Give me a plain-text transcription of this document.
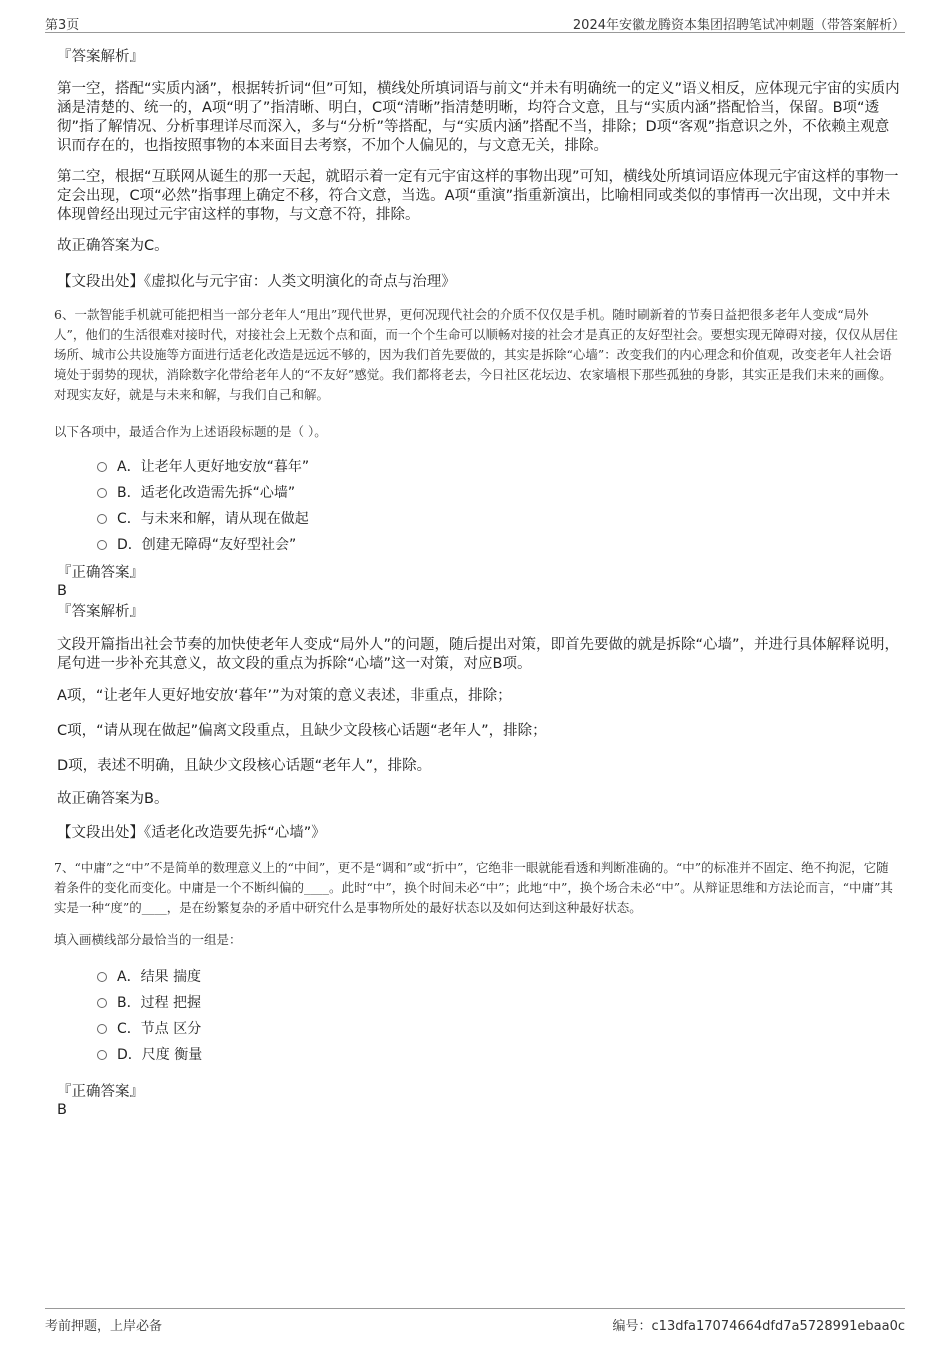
第3页	2024年安徽龙腾资本集团招聘笔试冲刺题（带答案解析）

『答案解析』

第一空，搭配“实质内涵”，根据转折词“但”可知，横线处所填词语与前文“并未有明确统一的定义”语义相反，应体现元宇宙的实质内涵是清楚的、统一的，A项“明了”指清晰、明白，C项“清晰”指清楚明晰，均符合文意，且与“实质内涵”搭配恰当，保留。B项“透彻”指了解情况、分析事理详尽而深入，多与“分析”等搭配，与“实质内涵”搭配不当，排除；D项“客观”指意识之外，不依赖主观意识而存在的，也指按照事物的本来面目去考察，不加个人偏见的，与文意无关，排除。

第二空，根据“互联网从诞生的那一天起，就昭示着一定有元宇宙这样的事物出现”可知，横线处所填词语应体现元宇宙这样的事物一定会出现，C项“必然”指事理上确定不移，符合文意，当选。A项“重演”指重新演出，比喻相同或类似的事情再一次出现，文中并未体现曾经出现过元宇宙这样的事物，与文意不符，排除。

故正确答案为C。

【文段出处】《虚拟化与元宇宙：人类文明演化的奇点与治理》

6、一款智能手机就可能把相当一部分老年人“甩出”现代世界，更何况现代社会的介质不仅仅是手机。随时刷新着的节奏日益把很多老年人变成“局外人”，他们的生活很难对接时代，对接社会上无数个点和面，而一个个生命可以顺畅对接的社会才是真正的友好型社会。要想实现无障碍对接，仅仅从居住场所、城市公共设施等方面进行适老化改造是远远不够的，因为我们首先要做的，其实是拆除“心墙”：改变我们的内心理念和价值观，改变老年人社会语境处于弱势的现状，消除数字化带给老年人的“不友好”感觉。我们都将老去，今日社区花坛边、农家墙根下那些孤独的身影，其实正是我们未来的画像。对现实友好，就是与未来和解，与我们自己和解。

以下各项中，最适合作为上述语段标题的是（ ）。

A．让老年人更好地安放“暮年”
B．适老化改造需先拆“心墙”
C．与未来和解，请从现在做起
D．创建无障碍“友好型社会”

『正确答案』

B

『答案解析』

文段开篇指出社会节奏的加快使老年人变成“局外人”的问题，随后提出对策，即首先要做的就是拆除“心墙”，并进行具体解释说明，尾句进一步补充其意义，故文段的重点为拆除“心墙”这一对策，对应B项。

A项，“让老年人更好地安放‘暮年’”为对策的意义表述，非重点，排除；

C项，“请从现在做起”偏离文段重点，且缺少文段核心话题“老年人”，排除；

D项，表述不明确，且缺少文段核心话题“老年人”，排除。

故正确答案为B。

【文段出处】《适老化改造要先拆“心墙”》

7、“中庸”之“中”不是简单的数理意义上的“中间”，更不是“调和”或“折中”，它绝非一眼就能看透和判断准确的。“中”的标准并不固定、绝不拘泥，它随着条件的变化而变化。中庸是一个不断纠偏的____。此时“中”，换个时间未必“中”；此地“中”，换个场合未必“中”。从辩证思维和方法论而言，“中庸”其实是一种“度”的____，是在纷繁复杂的矛盾中研究什么是事物所处的最好状态以及如何达到这种最好状态。

填入画横线部分最恰当的一组是：

A．结果 揣度
B．过程 把握
C．节点 区分
D．尺度 衡量

『正确答案』

B

考前押题，上岸必备	编号：c13dfa17074664dfd7a5728991ebaa0c
